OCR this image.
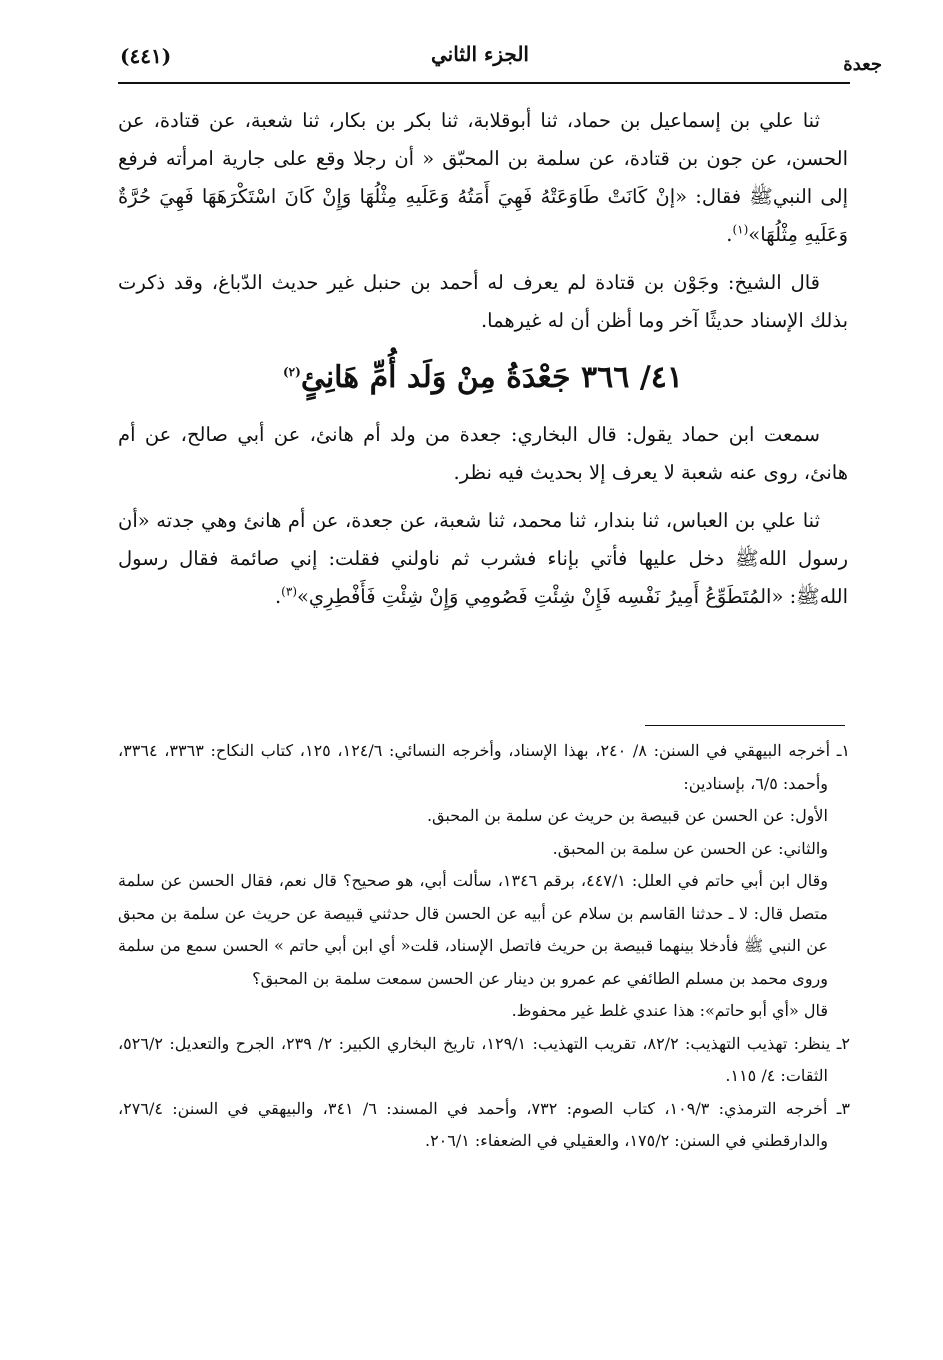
جعدة
الجزء الثاني
(٤٤١)

ثنا علي بن إسماعيل بن حماد، ثنا أبوقلابة، ثنا بكر بن بكار، ثنا شعبة، عن قتادة، عن الحسن، عن جون بن قتادة، عن سلمة بن المحبّق « أن رجلا وقع على جارية امرأته فرفع إلى النبيﷺ فقال: «إنْ كَانَتْ طَاوَعَتْهُ فَهِيَ أَمَتُهُ وَعَلَيهِ مِثْلُهَا وَإِنْ كَانَ اسْتَكْرَهَهَا فَهِيَ حُرَّةٌ وَعَلَيهِ مِثْلُهَا»$^{(١)}$.

قال الشيخ: وجَوْن بن قتادة لم يعرف له أحمد بن حنبل غير حديث الدّباغ، وقد ذكرت بذلك الإسناد حديثًا آخر وما أظن أن له غيرهما.

٤١/ ٣٦٦ جَعْدَةُ مِنْ وَلَد أُمِّ هَانِئٍ$^{(٢)}$

سمعت ابن حماد يقول: قال البخاري: جعدة من ولد أم هانئ، عن أبي صالح، عن أم هانئ، روى عنه شعبة لا يعرف إلا بحديث فيه نظر.

ثنا علي بن العباس، ثنا بندار، ثنا محمد، ثنا شعبة، عن جعدة، عن أم هانئ وهي جدته «أن رسول اللهﷺ دخل عليها فأتي بإناء فشرب ثم ناولني فقلت: إني صائمة فقال رسول اللهﷺ: «المُتَطَوِّعُ أَمِيرُ نَفْسِه فَإِنْ شِئْتِ فَصُومِي وَإِنْ شِئْتِ فَأَفْطِرِي»$^{(٣)}$.

١ـ أخرجه البيهقي في السنن: ٨/ ٢٤٠، بهذا الإسناد، وأخرجه النسائي: ١٢٤/٦، ١٢٥، كتاب النكاح: ٣٣٦٣، ٣٣٦٤، وأحمد: ٦/٥، بإسنادين:

الأول: عن الحسن عن قبيصة بن حريث عن سلمة بن المحبق.

والثاني: عن الحسن عن سلمة بن المحبق.

وقال ابن أبي حاتم في العلل: ٤٤٧/١، برقم ١٣٤٦، سألت أبي، هو صحيح؟ قال نعم، فقال الحسن عن سلمة متصل قال: لا ـ حدثنا القاسم بن سلام عن أبيه عن الحسن قال حدثني قبيصة عن حريث عن سلمة بن محبق عن النبي ﷺ فأدخلا بينهما قبيصة بن حريث فاتصل الإسناد، قلت« أي ابن أبي حاتم » الحسن سمع من سلمة وروى محمد بن مسلم الطائفي عم عمرو بن دينار عن الحسن سمعت سلمة بن المحبق؟

قال «أي أبو حاتم»: هذا عندي غلط غير محفوظ.

٢ـ ينظر: تهذيب التهذيب: ٨٢/٢، تقريب التهذيب: ١٢٩/١، تاريخ البخاري الكبير: ٢/ ٢٣٩، الجرح والتعديل: ٥٢٦/٢، الثقات: ٤/ ١١٥.

٣ـ أخرجه الترمذي: ١٠٩/٣، كتاب الصوم: ٧٣٢، وأحمد في المسند: ٦/ ٣٤١، والبيهقي في السنن: ٢٧٦/٤، والدارقطني في السنن: ١٧٥/٢، والعقيلي في الضعفاء: ٢٠٦/١.
